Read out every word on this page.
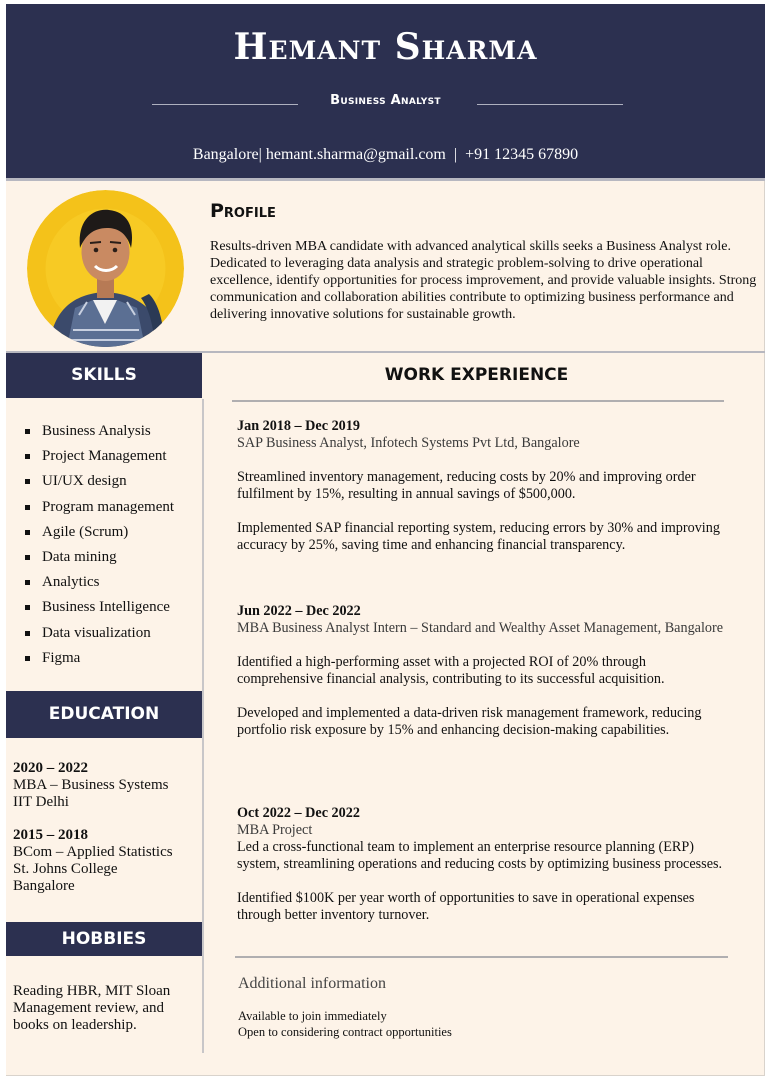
Hemant Sharma
Business Analyst
Bangalore| hemant.sharma@gmail.com  |  +91 12345 67890
Profile
Results-driven MBA candidate with advanced analytical skills seeks a Business Analyst role. Dedicated to leveraging data analysis and strategic problem-solving to drive operational excellence, identify opportunities for process improvement, and provide valuable insights. Strong communication and collaboration abilities contribute to optimizing business performance and delivering innovative solutions for sustainable growth.
SKILLS
Business Analysis
Project Management
UI/UX design
Program management
Agile (Scrum)
Data mining
Analytics
Business Intelligence
Data visualization
Figma
EDUCATION
2020 – 2022
MBA – Business Systems
IIT Delhi
2015 – 2018
BCom – Applied Statistics
St. Johns College
Bangalore
HOBBIES
Reading HBR, MIT Sloan Management review, and books on leadership.
WORK EXPERIENCE
Jan 2018 – Dec 2019
SAP Business Analyst, Infotech Systems Pvt Ltd, Bangalore

Streamlined inventory management, reducing costs by 20% and improving order fulfilment by 15%, resulting in annual savings of $500,000.

Implemented SAP financial reporting system, reducing errors by 30% and improving accuracy by 25%, saving time and enhancing financial transparency.

Jun 2022 – Dec 2022
MBA Business Analyst Intern – Standard and Wealthy Asset Management, Bangalore

Identified a high-performing asset with a projected ROI of 20% through comprehensive financial analysis, contributing to its successful acquisition.

Developed and implemented a data-driven risk management framework, reducing portfolio risk exposure by 15% and enhancing decision-making capabilities.

Oct 2022 – Dec 2022
MBA Project

Led a cross-functional team to implement an enterprise resource planning (ERP) system, streamlining operations and reducing costs by optimizing business processes.

Identified $100K per year worth of opportunities to save in operational expenses through better inventory turnover.

Additional information
Available to join immediately
Open to considering contract opportunities
